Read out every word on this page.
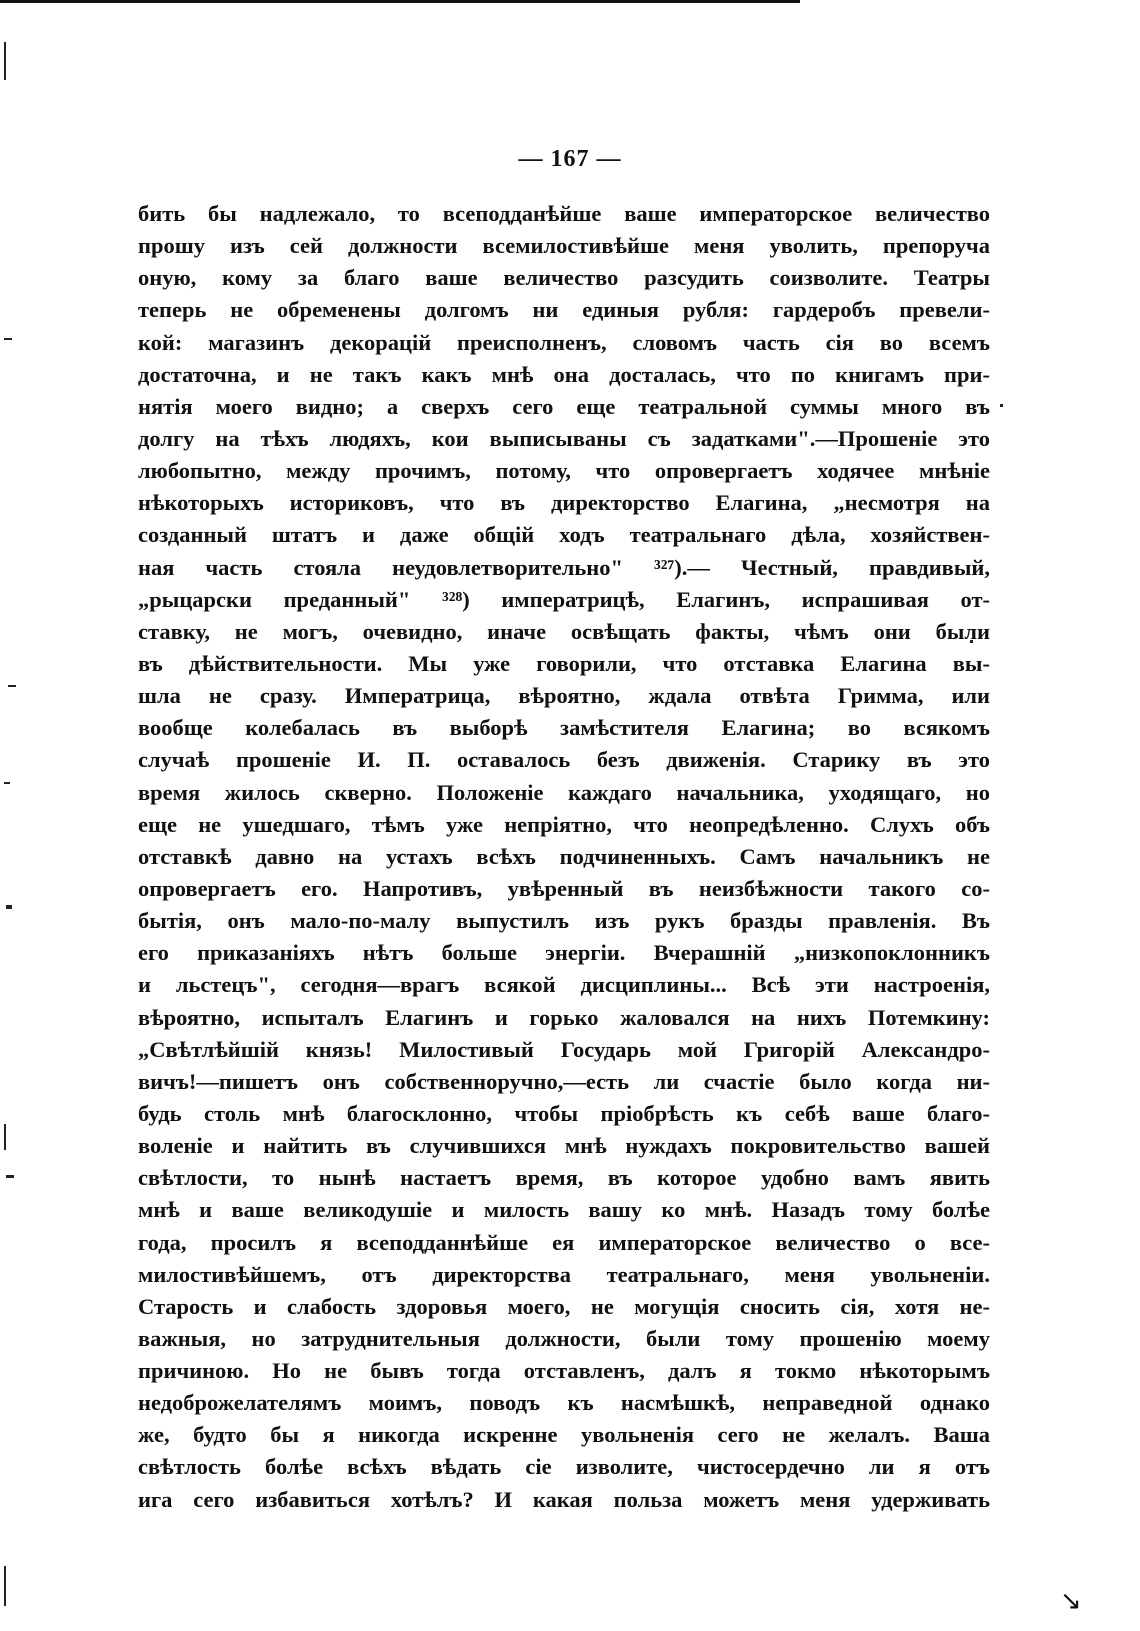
— 167 —
бить бы надлежало, то всеподданѣйше ваше императорское величество
прошу изъ сей должности всемилостивѣйше меня уволить, препоруча
оную, кому за благо ваше величество разсудить соизволите. Театры
теперь не обременены долгомъ ни единыя рубля: гардеробъ превели-
кой: магазинъ декорацій преисполненъ, словомъ часть сія во всемъ
достаточна, и не такъ какъ мнѣ она досталась, что по книгамъ при-
нятія моего видно; а сверхъ сего еще театральной суммы много въ
долгу на тѣхъ людяхъ, кои выписываны съ задатками".—Прошеніе это
любопытно, между прочимъ, потому, что опровергаетъ ходячее мнѣніе
нѣкоторыхъ историковъ, что въ директорство Елагина, „несмотря на
созданный штатъ и даже общій ходъ театральнаго дѣла, хозяйствен-
ная часть стояла неудовлетворительно" ³²⁷).— Честный, правдивый,
„рыцарски преданный" ³²⁸) императрицѣ, Елагинъ, испрашивая от-
ставку, не могъ, очевидно, иначе освѣщать факты, чѣмъ они были
въ дѣйствительности. Мы уже говорили, что отставка Елагина вы-
шла не сразу. Императрица, вѣроятно, ждала отвѣта Гримма, или
вообще колебалась въ выборѣ замѣстителя Елагина; во всякомъ
случаѣ прошеніе И. П. оставалось безъ движенія. Старику въ это
время жилось скверно. Положеніе каждаго начальника, уходящаго, но
еще не ушедшаго, тѣмъ уже непріятно, что неопредѣленно. Слухъ объ
отставкѣ давно на устахъ всѣхъ подчиненныхъ. Самъ начальникъ не
опровергаетъ его. Напротивъ, увѣренный въ неизбѣжности такого со-
бытія, онъ мало-по-малу выпустилъ изъ рукъ бразды правленія. Въ
его приказаніяхъ нѣтъ больше энергіи. Вчерашній „низкопоклонникъ
и льстецъ", сегодня—врагъ всякой дисциплины... Всѣ эти настроенія,
вѣроятно, испыталъ Елагинъ и горько жаловался на нихъ Потемкину:
„Свѣтлѣйшій князь! Милостивый Государь мой Григорій Александро-
вичъ!—пишетъ онъ собственноручно,—есть ли счастіе было когда ни-
будь столь мнѣ благосклонно, чтобы пріобрѣсть къ себѣ ваше благо-
воленіе и найтить въ случившихся мнѣ нуждахъ покровительство вашей
свѣтлости, то нынѣ настаетъ время, въ которое удобно вамъ явить
мнѣ и ваше великодушіе и милость вашу ко мнѣ. Назадъ тому болѣе
года, просилъ я всеподданнѣйше ея императорское величество о все-
милостивѣйшемъ, отъ директорства театральнаго, меня увольненіи.
Старость и слабость здоровья моего, не могущія сносить сія, хотя не-
важныя, но затруднительныя должности, были тому прошенію моему
причиною. Но не бывъ тогда отставленъ, далъ я токмо нѣкоторымъ
недоброжелателямъ моимъ, поводъ къ насмѣшкѣ, неправедной однако
же, будто бы я никогда искренне увольненія сего не желалъ. Ваша
свѣтлость болѣе всѣхъ вѣдать сіе изволите, чистосердечно ли я отъ
ига сего избавиться хотѣлъ? И какая польза можетъ меня удерживать
↘
